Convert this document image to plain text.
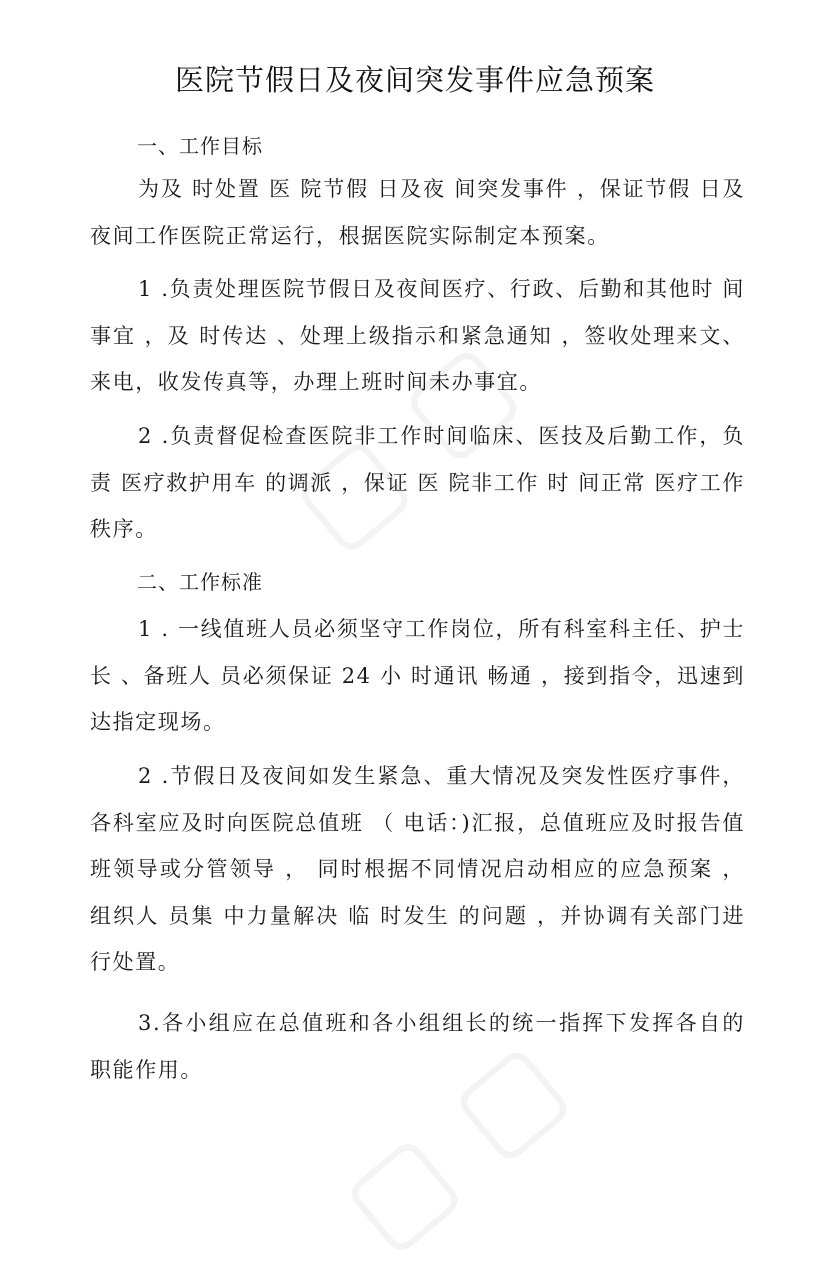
医院节假日及夜间突发事件应急预案

一、工作目标

为及 时处置 医 院节假 日及夜 间突发事件 ，保证节假 日及夜间工作医院正常运行，根据医院实际制定本预案。

1 .负责处理医院节假日及夜间医疗、行政、后勤和其他时 间事宜 ，及 时传达 、处理上级指示和紧急通知 ，签收处理来文、来电，收发传真等，办理上班时间未办事宜。

2 .负责督促检查医院非工作时间临床、医技及后勤工作，负 责 医疗救护用车 的调派 ，保证 医 院非工作 时 间正常 医疗工作秩序。

二、工作标准

1 . 一线值班人员必须坚守工作岗位，所有科室科主任、护士长 、备班人 员必须保证 24 小 时通讯 畅通 ，接到指令，迅速到达指定现场。

2 .节假日及夜间如发生紧急、重大情况及突发性医疗事件，各科室应及时向医院总值班 （ 电话：)汇报，总值班应及时报告值班领导或分管领导 ， 同时根据不同情况启动相应的应急预案 ，组织人 员集 中力量解决 临 时发生 的问题 ，并协调有关部门进行处置。

3.各小组应在总值班和各小组组长的统一指挥下发挥各自的职能作用。
